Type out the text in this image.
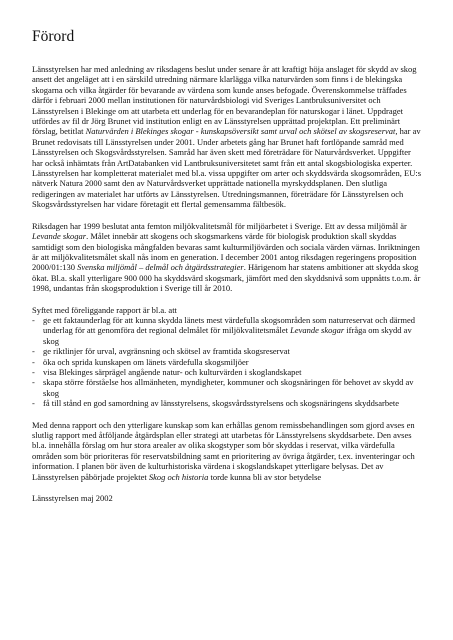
Förord

Länsstyrelsen har med anledning av riksdagens beslut under senare år att kraftigt höja anslaget för skydd av skog ansett det angeläget att i en särskild utredning närmare klarlägga vilka naturvärden som finns i de blekingska skogarna och vilka åtgärder för bevarande av värdena som kunde anses befogade. Överenskommelse träffades därför i februari 2000 mellan institutionen för naturvårdsbiologi vid Sveriges Lantbruksuniversitet och Länsstyrelsen i Blekinge om att utarbeta ett underlag för en bevarandeplan för naturskogar i länet. Uppdraget utfördes av fil dr Jörg Brunet vid institution enligt en av Länsstyrelsen upprättad projektplan. Ett preliminärt förslag, betitlat Naturvärden i Blekinges skogar - kunskapsöversikt samt urval och skötsel av skogsreservat, har av Brunet redovisats till Länsstyrelsen under 2001. Under arbetets gång har Brunet haft fortlöpande samråd med Länsstyrelsen och Skogsvårdsstyrelsen. Samråd har även skett med företrädare för Naturvårdsverket. Uppgifter har också inhämtats från ArtDatabanken vid Lantbruksuniversitetet samt från ett antal skogsbiologiska experter. Länsstyrelsen har kompletterat materialet med bl.a. vissa uppgifter om arter och skyddsvärda skogsområden, EU:s nätverk Natura 2000 samt den av Naturvårdsverket upprättade nationella myrskyddsplanen. Den slutliga redigeringen av materialet har utförts av Länsstyrelsen. Utredningsmannen, företrädare för Länsstyrelsen och Skogsvårdsstyrelsen har vidare företagit ett flertal gemensamma fältbesök.

Riksdagen har 1999 beslutat anta femton miljökvalitetsmål för miljöarbetet i Sverige. Ett av dessa miljömål är Levande skogar. Målet innebär att skogens och skogsmarkens värde för biologisk produktion skall skyddas samtidigt som den biologiska mångfalden bevaras samt kulturmiljövärden och sociala värden värnas. Inriktningen är att miljökvalitetsmålet skall nås inom en generation. I december 2001 antog riksdagen regeringens proposition 2000/01:130 Svenska miljömål – delmål och åtgärdsstrategier. Härigenom har statens ambitioner att skydda skog ökat. Bl.a. skall ytterligare 900 000 ha skyddsvärd skogsmark, jämfört med den skyddsnivå som uppnåtts t.o.m. år 1998, undantas från skogsproduktion i Sverige till år 2010.

Syftet med föreliggande rapport är bl.a. att

- ge ett faktaunderlag för att kunna skydda länets mest värdefulla skogsområden som naturreservat och därmed underlag för att genomföra det regional delmålet för miljökvalitetsmålet Levande skogar ifråga om skydd av skog
- ge riktlinjer för urval, avgränsning och skötsel av framtida skogsreservat
- öka och sprida kunskapen om länets värdefulla skogsmiljöer
- visa Blekinges särprägel angående natur- och kulturvärden i skoglandskapet
- skapa större förståelse hos allmänheten, myndigheter, kommuner och skogsnäringen för behovet av skydd av skog
- få till stånd en god samordning av länsstyrelsens, skogsvårdsstyrelsens och skogsnäringens skyddsarbete

Med denna rapport och den ytterligare kunskap som kan erhållas genom remissbehandlingen som gjord avses en slutlig rapport med åtföljande åtgärdsplan eller strategi att utarbetas för Länsstyrelsens skyddsarbete. Den avses bl.a. innehålla förslag om hur stora arealer av olika skogstyper som bör skyddas i reservat, vilka värdefulla områden som bör prioriteras för reservatsbildning samt en prioritering av övriga åtgärder, t.ex. inventeringar och information. I planen bör även de kulturhistoriska värdena i skogslandskapet ytterligare belysas. Det av Länsstyrelsen påbörjade projektet Skog och historia torde kunna bli av stor betydelse

Länsstyrelsen maj 2002
